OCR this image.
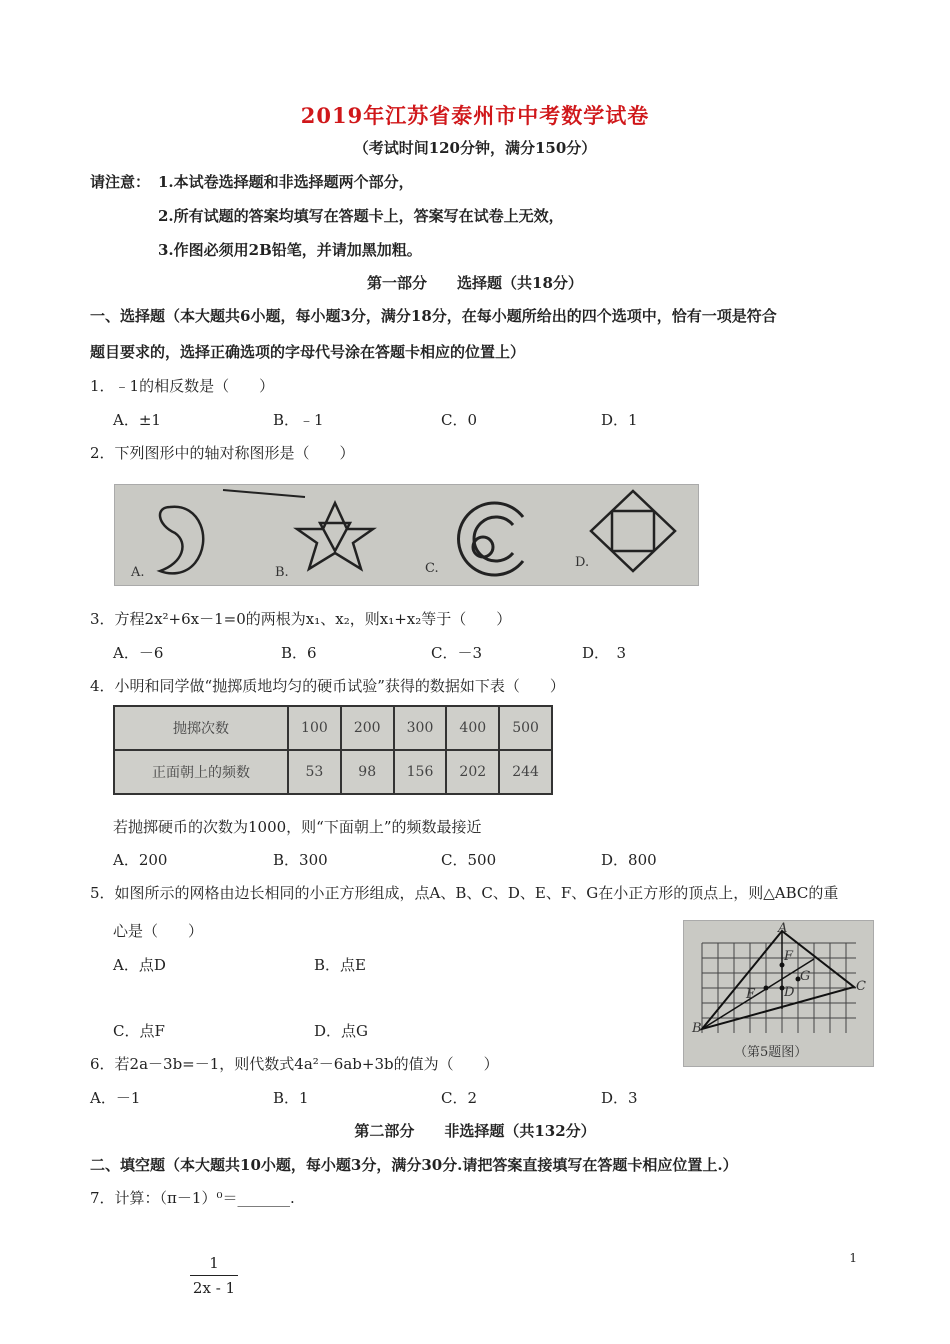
2019年江苏省泰州市中考数学试卷
（考试时间120分钟，满分150分）
请注意： 1.本试卷选择题和非选择题两个部分，
2.所有试题的答案均填写在答题卡上，答案写在试卷上无效，
3.作图必须用2B铅笔，并请加黑加粗。
第一部分　　选择题（共18分）
一、选择题（本大题共6小题，每小题3分，满分18分，在每小题所给出的四个选项中，恰有一项是符合
题目要求的，选择正确选项的字母代号涂在答题卡相应的位置上）
1．﹣1的相反数是（　　）
A．±1	B．﹣1	C．0	D．1
2．下列图形中的轴对称图形是（　　）
A.	B.	C.	D.
3．方程2x²+6x－1=0的两根为x₁、x₂，则x₁+x₂等于（　　）
A．－6	B．6	C．－3	D．　3
4．小明和同学做“抛掷质地均匀的硬币试验”获得的数据如下表（　　）
抛掷次数	100	200	300	400	500
正面朝上的频数	53	98	156	202	244
若抛掷硬币的次数为1000，则“下面朝上”的频数最接近
A．200	B．300	C．500	D．800
5．如图所示的网格由边长相同的小正方形组成，点A、B、C、D、E、F、G在小正方形的顶点上，则△ABC的重
心是（　　）
A．点D	B．点E
C．点F	D．点G
A
B
C
D
E
F
G
（第5题图）
6．若2a－3b=－1，则代数式4a²－6ab+3b的值为（　　）
A．－1	B．1	C．2	D．3
第二部分　　非选择题（共132分）
二、填空题（本大题共10小题，每小题3分，满分30分.请把答案直接填写在答题卡相应位置上.）
7．计算：（π－1）⁰＝_______.
1
2x - 1
1
